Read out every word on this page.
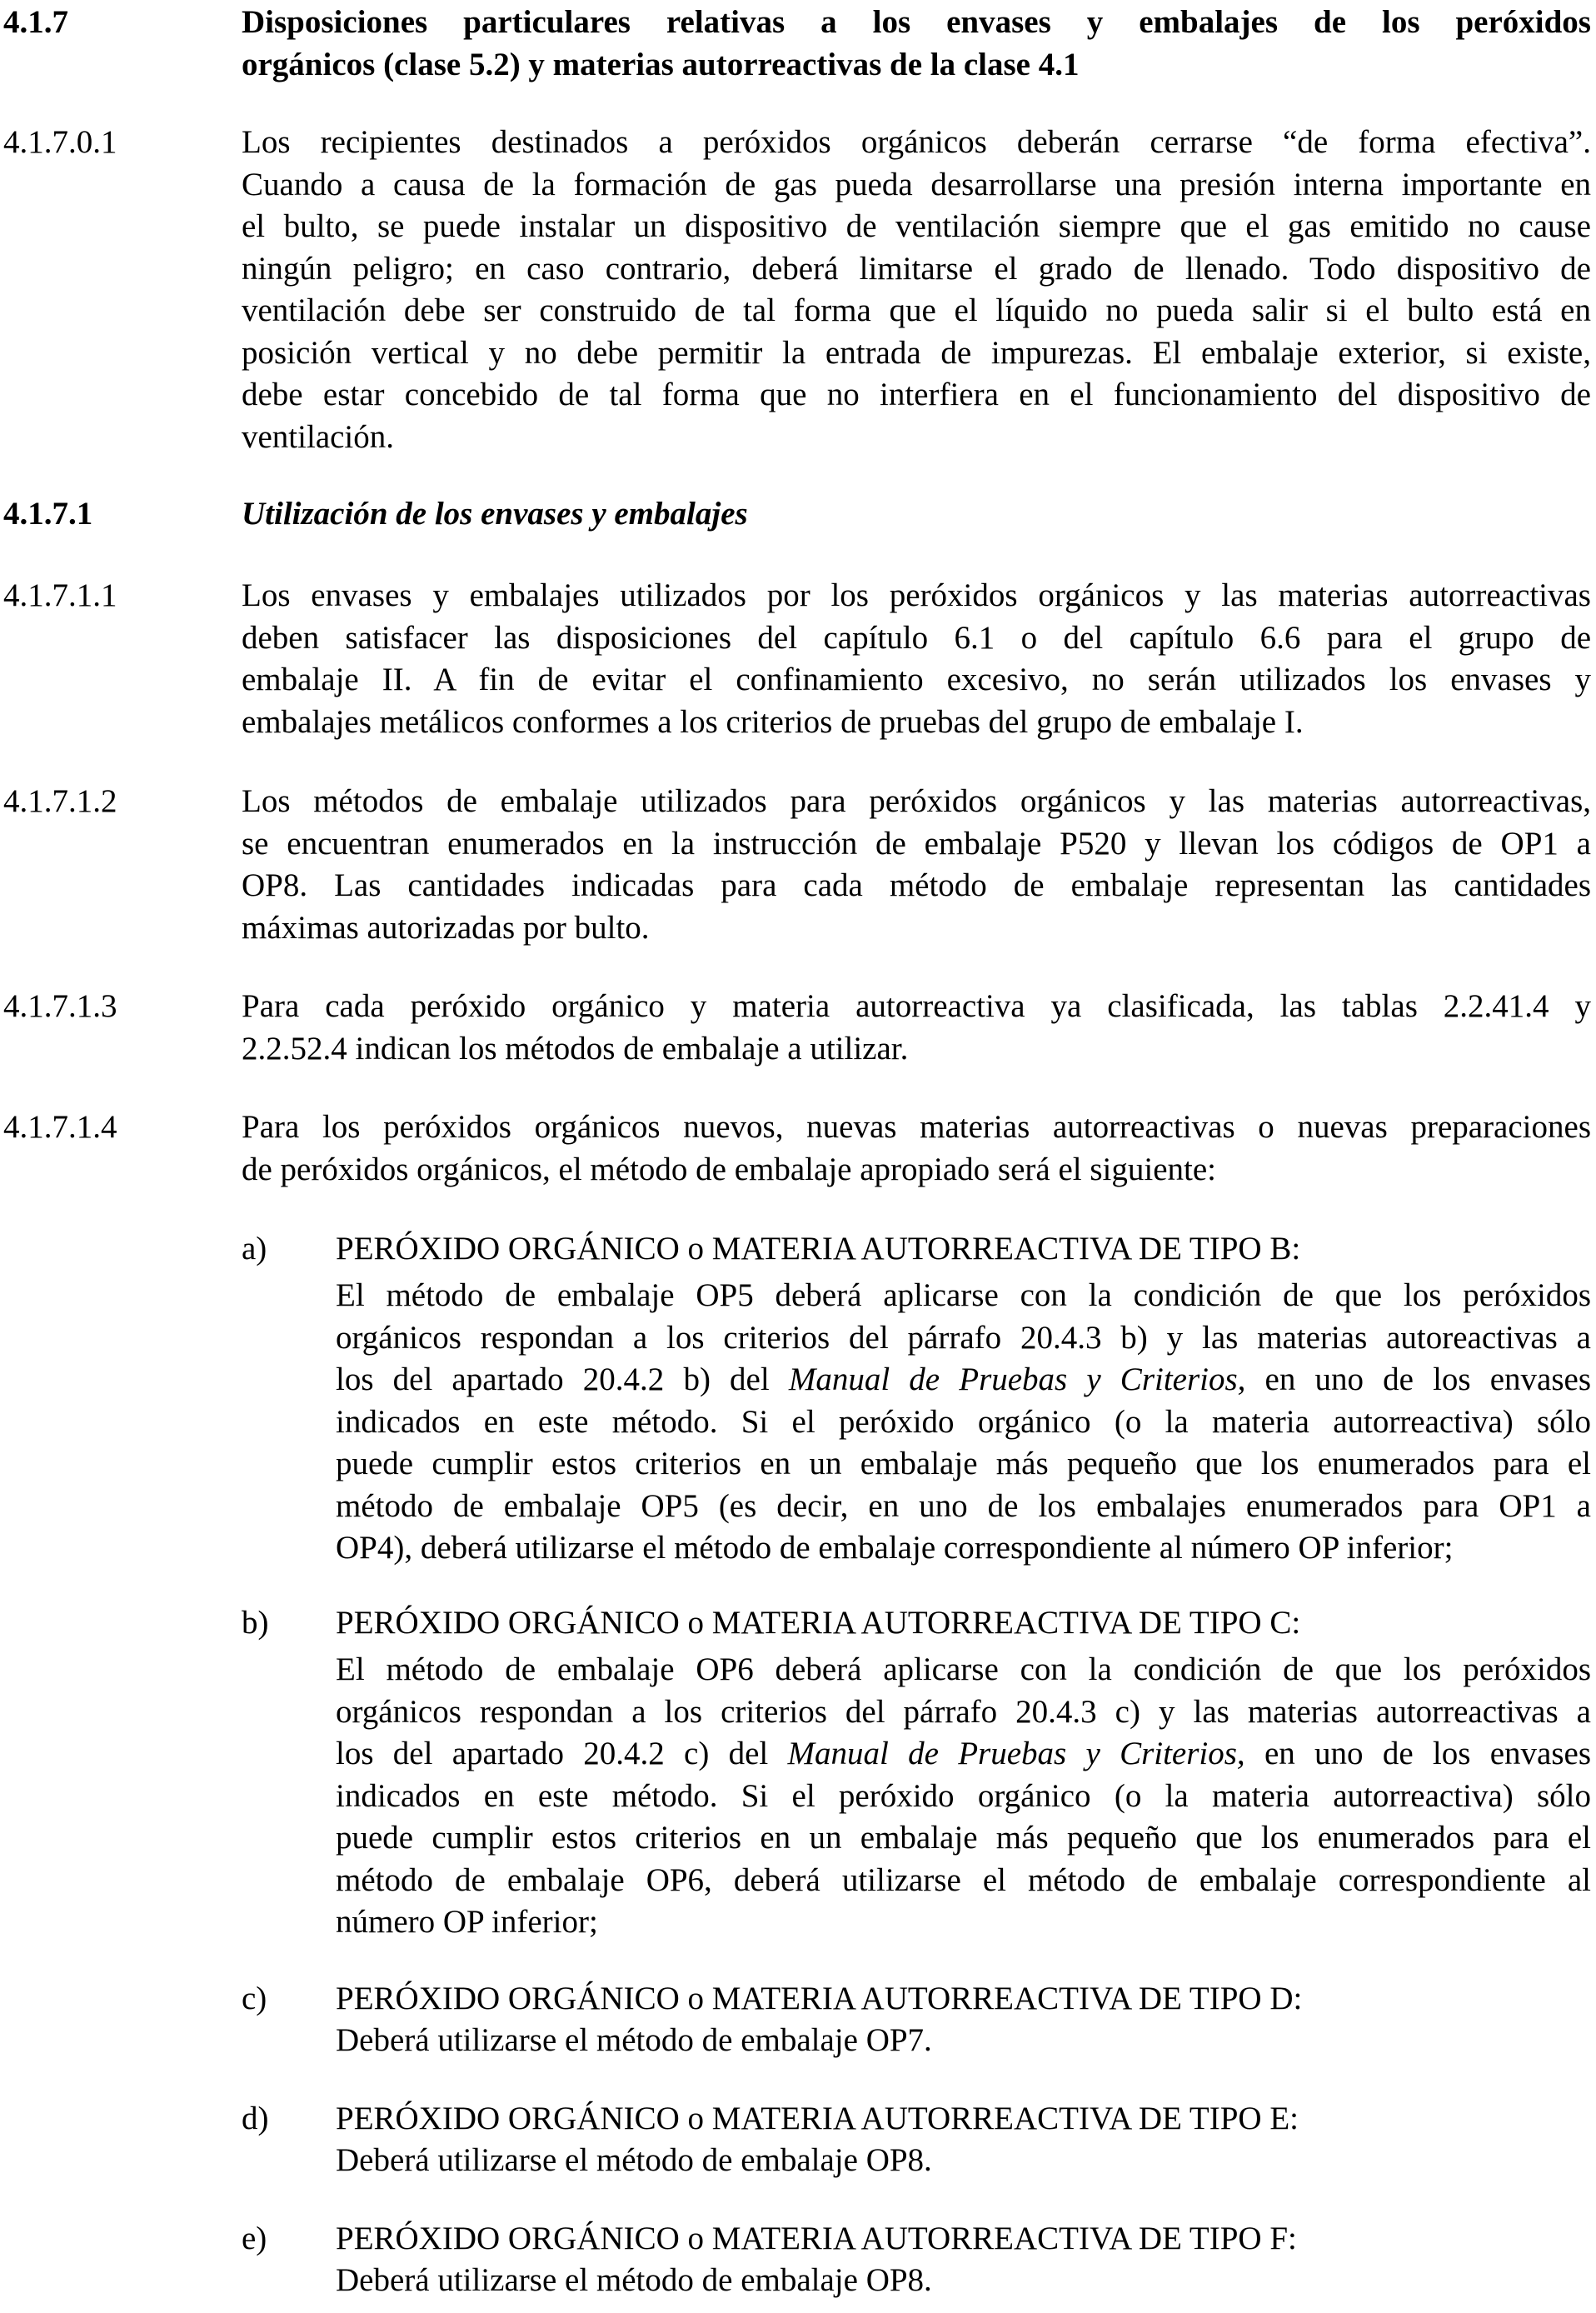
4.1.7	Disposiciones particulares relativas a los envases y embalajes de los peróxidos
orgánicos (clase 5.2) y materias autorreactivas de la clase 4.1
4.1.7.0.1	Los recipientes destinados a peróxidos orgánicos deberán cerrarse “de forma efectiva”.
Cuando a causa de la formación de gas pueda desarrollarse una presión interna importante en
el bulto, se puede instalar un dispositivo de ventilación siempre que el gas emitido no cause
ningún peligro; en caso contrario, deberá limitarse el grado de llenado. Todo dispositivo de
ventilación debe ser construido de tal forma que el líquido no pueda salir si el bulto está en
posición vertical y no debe permitir la entrada de impurezas. El embalaje exterior, si existe,
debe estar concebido de tal forma que no interfiera en el funcionamiento del dispositivo de
ventilación.
4.1.7.1	Utilización de los envases y embalajes
4.1.7.1.1	Los envases y embalajes utilizados por los peróxidos orgánicos y las materias autorreactivas
deben satisfacer las disposiciones del capítulo 6.1 o del capítulo 6.6 para el grupo de
embalaje II. A fin de evitar el confinamiento excesivo, no serán utilizados los envases y
embalajes metálicos conformes a los criterios de pruebas del grupo de embalaje I.
4.1.7.1.2	Los métodos de embalaje utilizados para peróxidos orgánicos y las materias autorreactivas,
se encuentran enumerados en la instrucción de embalaje P520 y llevan los códigos de OP1 a
OP8. Las cantidades indicadas para cada método de embalaje representan las cantidades
máximas autorizadas por bulto.
4.1.7.1.3	Para cada peróxido orgánico y materia autorreactiva ya clasificada, las tablas 2.2.41.4 y
2.2.52.4 indican los métodos de embalaje a utilizar.
4.1.7.1.4	Para los peróxidos orgánicos nuevos, nuevas materias autorreactivas o nuevas preparaciones
de peróxidos orgánicos, el método de embalaje apropiado será el siguiente:
a) PERÓXIDO ORGÁNICO o MATERIA AUTORREACTIVA DE TIPO B:
El método de embalaje OP5 deberá aplicarse con la condición de que los peróxidos
orgánicos respondan a los criterios del párrafo 20.4.3 b) y las materias autoreactivas a
los del apartado 20.4.2 b) del Manual de Pruebas y Criterios, en uno de los envases
indicados en este método. Si el peróxido orgánico (o la materia autorreactiva) sólo
puede cumplir estos criterios en un embalaje más pequeño que los enumerados para el
método de embalaje OP5 (es decir, en uno de los embalajes enumerados para OP1 a
OP4), deberá utilizarse el método de embalaje correspondiente al número OP inferior;
b) PERÓXIDO ORGÁNICO o MATERIA AUTORREACTIVA DE TIPO C:
El método de embalaje OP6 deberá aplicarse con la condición de que los peróxidos
orgánicos respondan a los criterios del párrafo 20.4.3 c) y las materias autorreactivas a
los del apartado 20.4.2 c) del Manual de Pruebas y Criterios, en uno de los envases
indicados en este método. Si el peróxido orgánico (o la materia autorreactiva) sólo
puede cumplir estos criterios en un embalaje más pequeño que los enumerados para el
método de embalaje OP6, deberá utilizarse el método de embalaje correspondiente al
número OP inferior;
c) PERÓXIDO ORGÁNICO o MATERIA AUTORREACTIVA DE TIPO D:
Deberá utilizarse el método de embalaje OP7.
d) PERÓXIDO ORGÁNICO o MATERIA AUTORREACTIVA DE TIPO E:
Deberá utilizarse el método de embalaje OP8.
e) PERÓXIDO ORGÁNICO o MATERIA AUTORREACTIVA DE TIPO F:
Deberá utilizarse el método de embalaje OP8.
